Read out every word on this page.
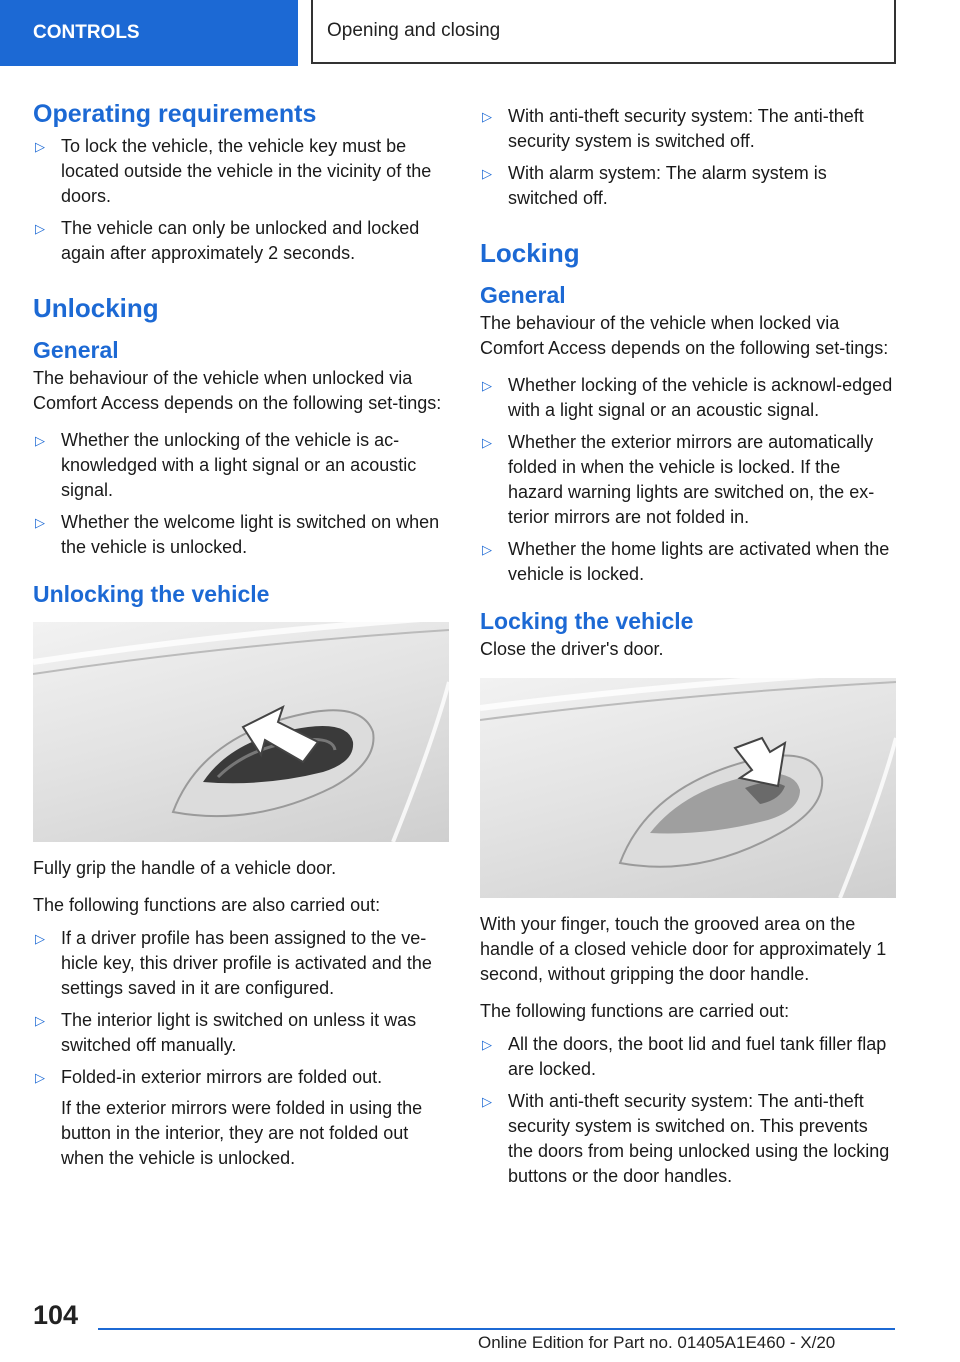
CONTROLS	Opening and closing
Operating requirements
▷ To lock the vehicle, the vehicle key must be located outside the vehicle in the vicinity of the doors.
▷ The vehicle can only be unlocked and locked again after approximately 2 seconds.
Unlocking
General

The behaviour of the vehicle when unlocked via Comfort Access depends on the following set-tings:

▷ Whether the unlocking of the vehicle is ac-knowledged with a light signal or an acoustic signal.
▷ Whether the welcome light is switched on when the vehicle is unlocked.
Unlocking the vehicle

Fully grip the handle of a vehicle door.

The following functions are also carried out:

▷ If a driver profile has been assigned to the ve-hicle key, this driver profile is activated and the settings saved in it are configured.
▷ The interior light is switched on unless it was switched off manually.
▷ Folded-in exterior mirrors are folded out.
If the exterior mirrors were folded in using the button in the interior, they are not folded out when the vehicle is unlocked.
▷ With anti-theft security system: The anti-theft security system is switched off.
▷ With alarm system: The alarm system is switched off.
Locking
General

The behaviour of the vehicle when locked via Comfort Access depends on the following set-tings:

▷ Whether locking of the vehicle is acknowl-edged with a light signal or an acoustic signal.
▷ Whether the exterior mirrors are automatically folded in when the vehicle is locked. If the hazard warning lights are switched on, the ex-terior mirrors are not folded in.
▷ Whether the home lights are activated when the vehicle is locked.
Locking the vehicle

Close the driver's door.

With your finger, touch the grooved area on the handle of a closed vehicle door for approximately 1 second, without gripping the door handle.

The following functions are carried out:

▷ All the doors, the boot lid and fuel tank filler flap are locked.
▷ With anti-theft security system: The anti-theft security system is switched on. This prevents the doors from being unlocked using the locking buttons or the door handles.
104
Online Edition for Part no. 01405A1E460 - X/20
